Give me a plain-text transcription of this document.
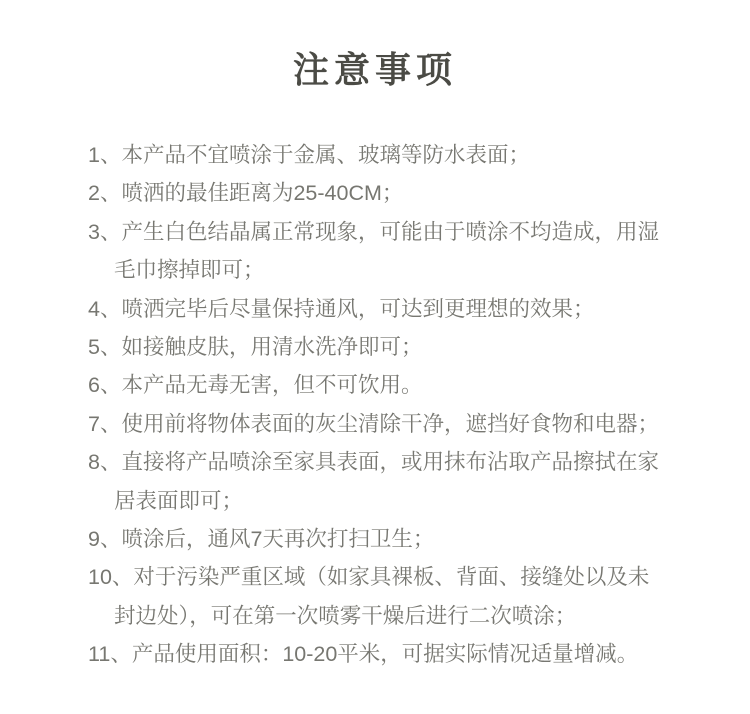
注意事项

1、本产品不宜喷涂于金属、玻璃等防水表面；

2、喷洒的最佳距离为25-40CM；

3、产生白色结晶属正常现象，可能由于喷涂不均造成，用湿毛巾擦掉即可；

4、喷洒完毕后尽量保持通风，可达到更理想的效果；

5、如接触皮肤，用清水洗净即可；

6、本产品无毒无害，但不可饮用。

7、使用前将物体表面的灰尘清除干净，遮挡好食物和电器；

8、直接将产品喷涂至家具表面，或用抹布沾取产品擦拭在家居表面即可；

9、喷涂后，通风7天再次打扫卫生；

10、对于污染严重区域（如家具裸板、背面、接缝处以及未封边处），可在第一次喷雾干燥后进行二次喷涂；

11、产品使用面积：10-20平米，可据实际情况适量增减。
